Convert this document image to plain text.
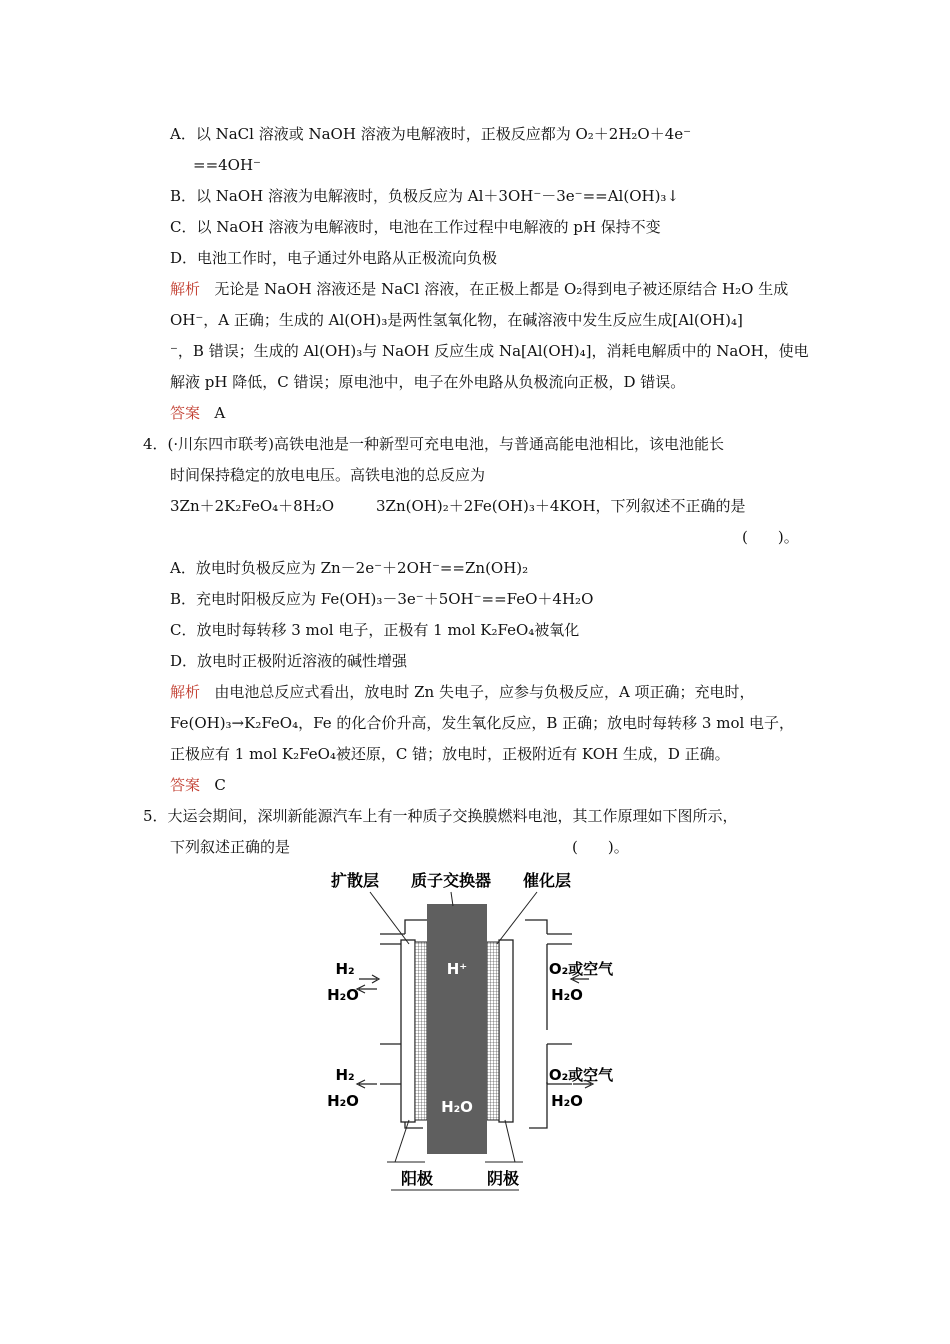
A．以 NaCl 溶液或 NaOH 溶液为电解液时，正极反应都为 O₂＋2H₂O＋4e⁻
==4OH⁻
B．以 NaOH 溶液为电解液时，负极反应为 Al＋3OH⁻－3e⁻==Al(OH)₃↓
C．以 NaOH 溶液为电解液时，电池在工作过程中电解液的 pH 保持不变
D．电池工作时，电子通过外电路从正极流向负极
解析 无论是 NaOH 溶液还是 NaCl 溶液，在正极上都是 O₂得到电子被还原结合 H₂O 生成
OH⁻，A 正确；生成的 Al(OH)₃是两性氢氧化物，在碱溶液中发生反应生成[Al(OH)₄]
⁻，B 错误；生成的 Al(OH)₃与 NaOH 反应生成 Na[Al(OH)₄]，消耗电解质中的 NaOH，使电
解液 pH 降低，C 错误；原电池中，电子在外电路从负极流向正极，D 错误。
答案 A
4．(·川东四市联考)高铁电池是一种新型可充电电池，与普通高能电池相比，该电池能长
时间保持稳定的放电电压。高铁电池的总反应为
3Zn＋2K₂FeO₄＋8H₂O	3Zn(OH)₂＋2Fe(OH)₃＋4KOH，下列叙述不正确的是
(　　)。
A．放电时负极反应为 Zn－2e⁻＋2OH⁻==Zn(OH)₂
B．充电时阳极反应为 Fe(OH)₃－3e⁻＋5OH⁻==FeO＋4H₂O
C．放电时每转移 3 mol 电子，正极有 1 mol K₂FeO₄被氧化
D．放电时正极附近溶液的碱性增强
解析 由电池总反应式看出，放电时 Zn 失电子，应参与负极反应，A 项正确；充电时，
Fe(OH)₃→K₂FeO₄，Fe 的化合价升高，发生氧化反应，B 正确；放电时每转移 3 mol 电子，
正极应有 1 mol K₂FeO₄被还原，C 错；放电时，正极附近有 KOH 生成，D 正确。
答案 C
5．大运会期间，深圳新能源汽车上有一种质子交换膜燃料电池，其工作原理如下图所示，
下列叙述正确的是	(　　)。
H⁺
H₂O
扩散层 质子交换器 催化层
H₂
H₂O
H₂
H₂O
O₂或空气
H₂O
O₂或空气
H₂O
阳极	阴极
